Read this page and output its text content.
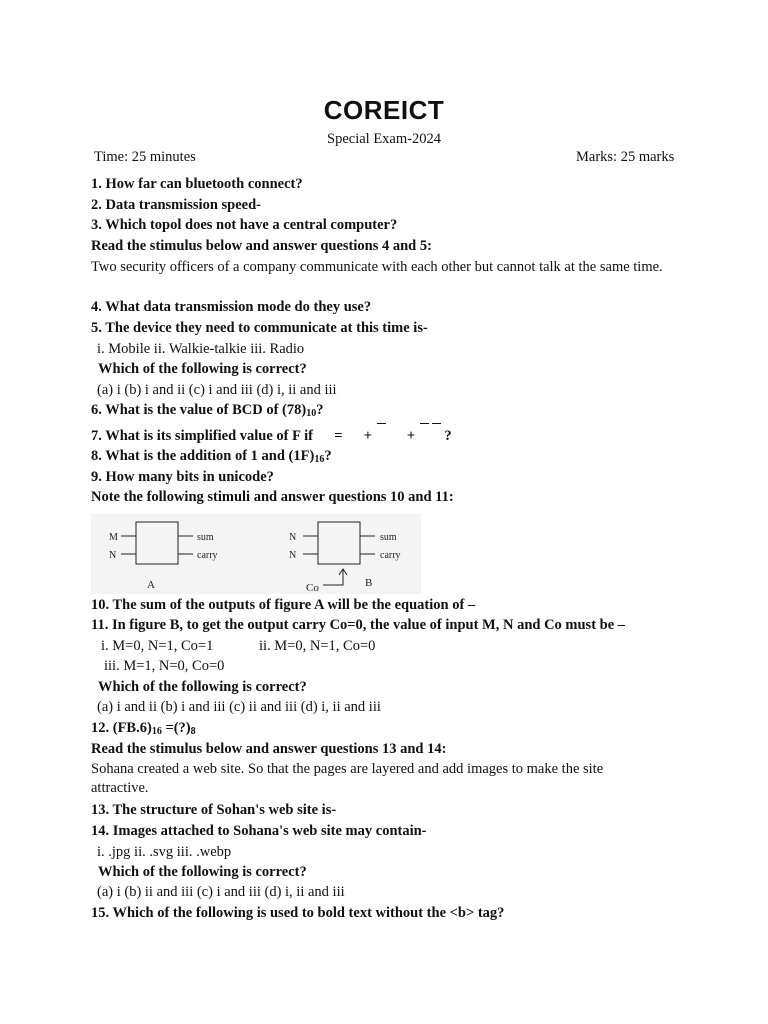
COREICT
Special Exam-2024
Time: 25 minutes	Marks: 25 marks
1. How far can bluetooth connect?
2. Data transmission speed-
3. Which topol does not have a central computer?
Read the stimulus below and answer questions 4 and 5:
Two security officers of a company communicate with each other but cannot talk at the same time.
4. What data transmission mode do they use?
5. The device they need to communicate at this time is-
i. Mobile ii. Walkie-talkie iii. Radio
Which of the following is correct?
(a) i (b) i and ii (c) i and iii (d) i, ii and iii
6. What is the value of BCD of $(78)_{10}$?
7. What is its simplified value of F if = + + ?
8. What is the addition of 1 and $(1F)_{16}$?
9. How many bits in unicode?
Note the following stimuli and answer questions 10 and 11:
M
N
sum
carry
A
N
N
sum
carry
Co	B
10. The sum of the outputs of figure A will be the equation of –
11. In figure B, to get the output carry Co=0, the value of input M, N and Co must be –
i. M=0, N=1, Co=1	ii. M=0, N=1, Co=0
iii. M=1, N=0, Co=0
Which of the following is correct?
(a) i and ii (b) i and iii (c) ii and iii (d) i, ii and iii
12. $(FB.6)_{16}$ $=(?)_8$
Read the stimulus below and answer questions 13 and 14:
Sohana created a web site. So that the pages are layered and add images to make the site attractive.
13. The structure of Sohan's web site is-
14. Images attached to Sohana's web site may contain-
i. .jpg ii. .svg iii. .webp
Which of the following is correct?
(a) i (b) ii and iii (c) i and iii (d) i, ii and iii
15. Which of the following is used to bold text without the <b> tag?
